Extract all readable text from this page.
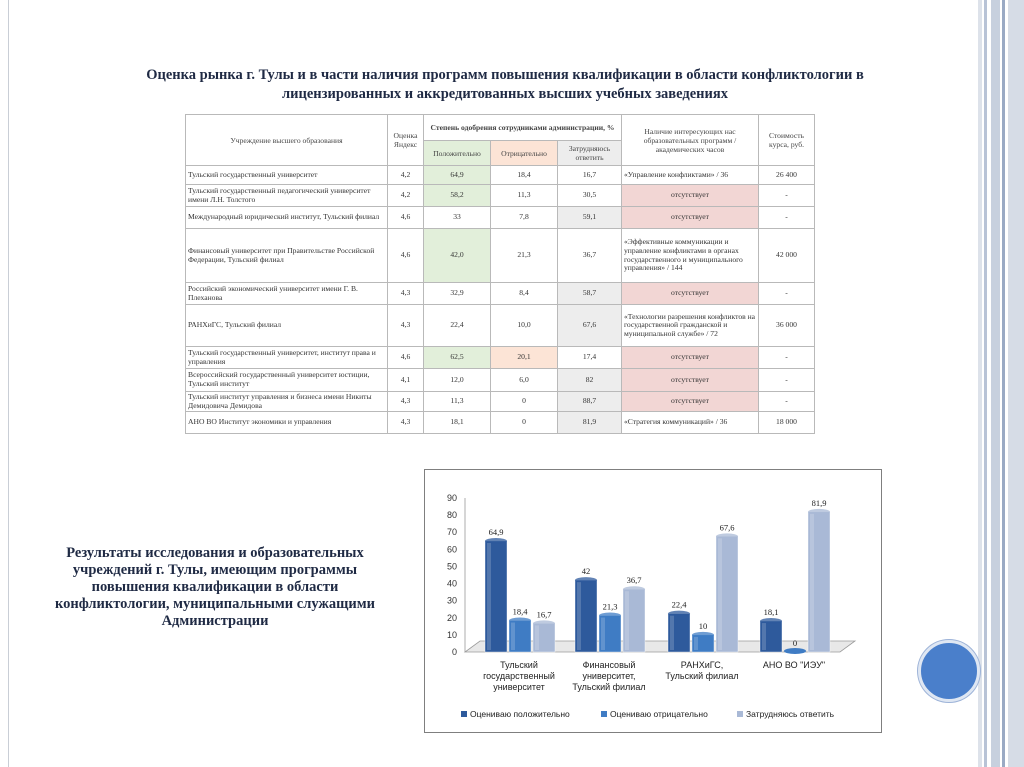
Оценка рынка г. Тулы и в части наличия программ повышения квалификации в области конфликтологии в
лицензированных и аккредитованных высших учебных заведениях
Учреждение высшего образования	Оценка Яндекс	Степень одобрения сотрудниками администрации, %			Наличие интересующих нас образовательных программ / академических часов	Стоимость курса, руб.
		Положительно	Отрицательно	Затрудняюсь ответить		
Тульский государственный университет	4,2	64,9	18,4	16,7	«Управление конфликтами» / 36	26 400
Тульский государственный педагогический университет имени Л.Н. Толстого	4,2	58,2	11,3	30,5	отсутствует	-
Международный юридический институт, Тульский филиал	4,6	33	7,8	59,1	отсутствует	-
Финансовый университет при Правительстве Российской Федерации, Тульский филиал	4,6	42,0	21,3	36,7	«Эффективные коммуникации и управление конфликтами в органах государственного и муниципального управления» / 144	42 000
Российский экономический университет имени Г. В. Плеханова	4,3	32,9	8,4	58,7	отсутствует	-
РАНХиГС, Тульский филиал	4,3	22,4	10,0	67,6	«Технологии разрешения конфликтов на государственной гражданской и муниципальной службе» / 72	36 000
Тульский государственный университет, институт права и управления	4,6	62,5	20,1	17,4	отсутствует	-
Всероссийский государственный университет юстиции, Тульский институт	4,1	12,0	6,0	82	отсутствует	-
Тульский институт управления и бизнеса имени Никиты Демидовича Демидова	4,3	11,3	0	88,7	отсутствует	-
АНО ВО Институт экономики и управления	4,3	18,1	0	81,9	«Стратегия коммуникаций» / 36	18 000
Результаты исследования и образовательных учреждений г. Тулы, имеющим программы повышения квалификации в области конфликтологии, муниципальными служащими Администрации
0
10
20
30
40
50
60
70
80
90
64,9
18,4 16,7
Тульский
государственный
университет
42
21,3
36,7
Финансовый
университет,
Тульский филиал
22,4
10
67,6
РАНХиГС,
Тульский филиал
18,1
0
81,9
АНО ВО "ИЭУ"
Оцениваю положительно	Оцениваю отрицательно	Затрудняюсь ответить
